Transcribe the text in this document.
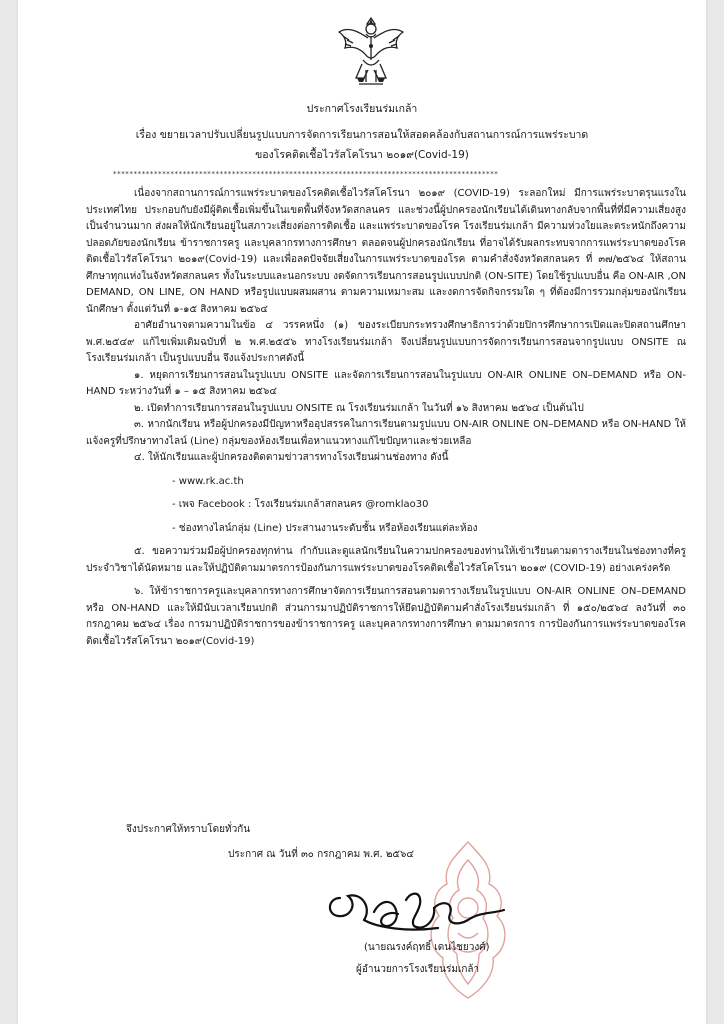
ประกาศโรงเรียนร่มเกล้า
เรื่อง ขยายเวลาปรับเปลี่ยนรูปแบบการจัดการเรียนการสอนให้สอดคล้องกับสถานการณ์การแพร่ระบาด
ของโรคติดเชื้อไวรัสโคโรนา ๒๐๑๙(Covid-19)
**********************************************************************************************

เนื่องจากสถานการณ์การแพร่ระบาดของโรคติดเชื้อไวรัสโคโรนา ๒๐๑๙ (COVID-19) ระลอกใหม่ มีการแพร่ระบาดรุนแรงในประเทศไทย ประกอบกับยังมีผู้ติดเชื้อเพิ่มขึ้นในเขตพื้นที่จังหวัดสกลนคร และช่วงนี้ผู้ปกครองนักเรียนได้เดินทางกลับจากพื้นที่ที่มีความเสี่ยงสูงเป็นจำนวนมาก ส่งผลให้นักเรียนอยู่ในสภาวะเสี่ยงต่อการติดเชื้อ และแพร่ระบาดของโรค โรงเรียนร่มเกล้า มีความห่วงใยและตระหนักถึงความปลอดภัยของนักเรียน ข้าราชการครู และบุคลากรทางการศึกษา ตลอดจนผู้ปกครองนักเรียน ที่อาจได้รับผลกระทบจากการแพร่ระบาดของโรคติดเชื้อไวรัสโคโรนา ๒๐๑๙(Covid-19) และเพื่อลดปัจจัยเสี่ยงในการแพร่ระบาดของโรค ตามคำสั่งจังหวัดสกลนคร ที่ ๓๗/๒๕๖๔ ให้สถานศึกษาทุกแห่งในจังหวัดสกลนคร ทั้งในระบบและนอกระบบ งดจัดการเรียนการสอนรูปแบบปกติ (ON-SITE) โดยใช้รูปแบบอื่น คือ ON-AIR ,ON DEMAND, ON LINE, ON HAND หรือรูปแบบผสมผสาน ตามความเหมาะสม และงดการจัดกิจกรรมใด ๆ ที่ต้องมีการรวมกลุ่มของนักเรียน นักศึกษา ตั้งแต่วันที่ ๑-๑๕ สิงหาคม ๒๕๖๔

อาศัยอำนาจตามความในข้อ ๔ วรรคหนึ่ง (๑) ของระเบียบกระทรวงศึกษาธิการว่าด้วยปิการศึกษาการเปิดและปิดสถานศึกษา พ.ศ.๒๕๔๙ แก้ไขเพิ่มเติมฉบับที่ ๒ พ.ศ.๒๕๕๖ ทางโรงเรียนร่มเกล้า จึงเปลี่ยนรูปแบบการจัดการเรียนการสอนจากรูปแบบ ONSITE ณ โรงเรียนร่มเกล้า เป็นรูปแบบอื่น จึงแจ้งประกาศดังนี้

๑. หยุดการเรียนการสอนในรูปแบบ ONSITE และจัดการเรียนการสอนในรูปแบบ ON-AIR ONLINE ON–DEMAND หรือ ON-HAND ระหว่างวันที่ ๑ – ๑๕ สิงหาคม ๒๕๖๔

๒. เปิดทำการเรียนการสอนในรูปแบบ ONSITE ณ โรงเรียนร่มเกล้า ในวันที่ ๑๖ สิงหาคม ๒๕๖๔ เป็นต้นไป

๓. หากนักเรียน หรือผู้ปกครองมีปัญหาหรืออุปสรรคในการเรียนตามรูปแบบ ON-AIR ONLINE ON–DEMAND หรือ ON-HAND ให้แจ้งครูที่ปรึกษาทางไลน์ (Line) กลุ่มของห้องเรียนเพื่อหาแนวทางแก้ไขปัญหาและช่วยเหลือ

๔. ให้นักเรียนและผู้ปกครองติดตามข่าวสารทางโรงเรียนผ่านช่องทาง ดังนี้

- www.rk.ac.th

- เพจ Facebook : โรงเรียนร่มเกล้าสกลนคร @romklao30

- ช่องทางไลน์กลุ่ม (Line) ประสานงานระดับชั้น หรือห้องเรียนแต่ละห้อง

๕. ขอความร่วมมือผู้ปกครองทุกท่าน กำกับและดูแลนักเรียนในความปกครองของท่านให้เข้าเรียนตามตารางเรียนในช่องทางที่ครูประจำวิชาได้นัดหมาย และให้ปฏิบัติตามมาตรการป้องกันการแพร่ระบาดของโรคติดเชื้อไวรัสโคโรนา ๒๐๑๙ (COVID-19) อย่างเคร่งครัด

๖. ให้ข้าราชการครูและบุคลากรทางการศึกษาจัดการเรียนการสอนตามตารางเรียนในรูปแบบ ON-AIR ONLINE ON–DEMAND หรือ ON-HAND และให้มีนับเวลาเรียนปกติ ส่วนการมาปฏิบัติราชการให้ยึดปฏิบัติตามคำสั่งโรงเรียนร่มเกล้า ที่ ๑๕๐/๒๕๖๔ ลงวันที่ ๓๐ กรกฎาคม ๒๕๖๔ เรื่อง การมาปฏิบัติราชการของข้าราชการครู และบุคลากรทางการศึกษา ตามมาตรการ การป้องกันการแพร่ระบาดของโรคติดเชื้อไวรัสโคโรนา ๒๐๑๙(Covid-19)

จึงประกาศให้ทราบโดยทั่วกัน
ประกาศ ณ วันที่ ๓๐ กรกฎาคม พ.ศ. ๒๕๖๔
(นายณรงค์ฤทธิ์ เดนไชยวงศ์)
ผู้อำนวยการโรงเรียนร่มเกล้า
